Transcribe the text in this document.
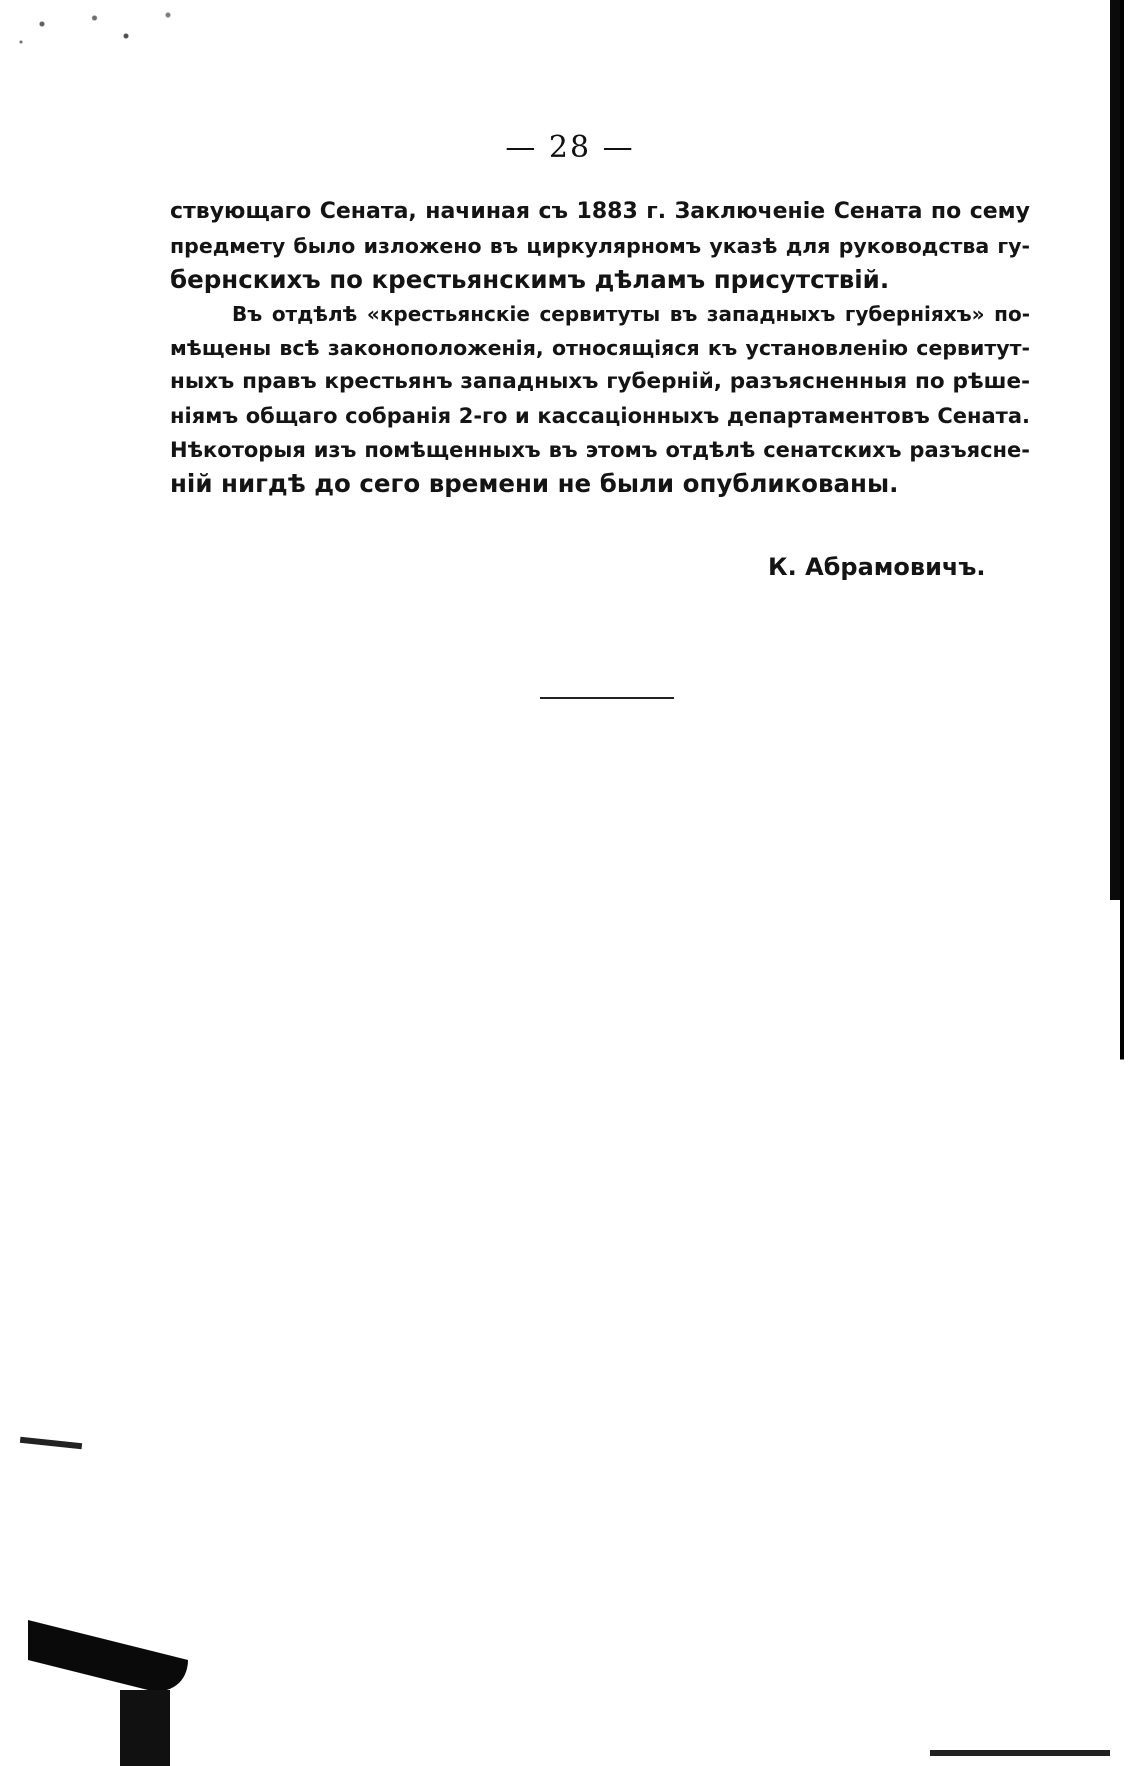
— 28 —
ствующаго Сената, начиная съ 1883 г. Заключеніе Сената по сему
предмету было изложено въ циркулярномъ указѣ для руководства гу-
бернскихъ по крестьянскимъ дѣламъ присутствій.
Въ отдѣлѣ «крестьянскіе сервитуты въ западныхъ губерніяхъ» по-
мѣщены всѣ законоположенія, относящіяся къ установленію сервитут-
ныхъ правъ крестьянъ западныхъ губерній, разъясненныя по рѣше-
ніямъ общаго собранія 2-го и кассаціонныхъ департаментовъ Сената.
Нѣкоторыя изъ помѣщенныхъ въ этомъ отдѣлѣ сенатскихъ разъясне-
ній нигдѣ до сего времени не были опубликованы.
К. Абрамовичъ.
